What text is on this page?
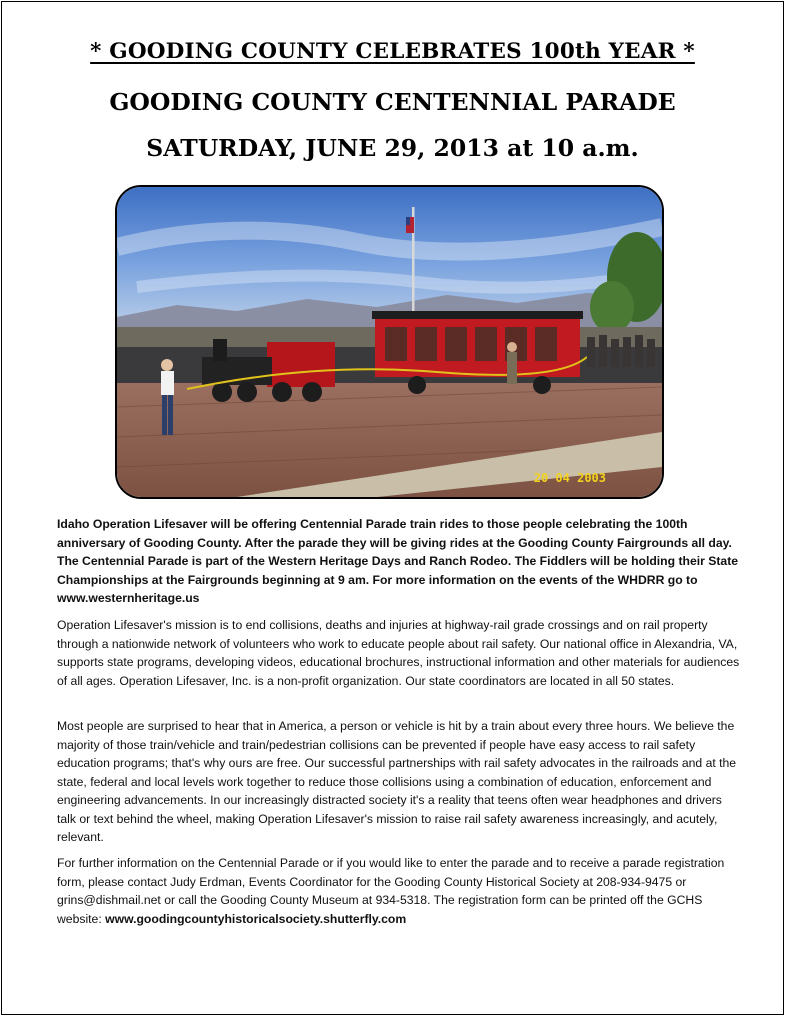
* GOODING COUNTY CELEBRATES 100th YEAR *
GOODING COUNTY CENTENNIAL PARADE
SATURDAY, JUNE 29, 2013 at 10 a.m.
20 04 2003

Idaho Operation Lifesaver will be offering Centennial Parade train rides to those people celebrating the 100th anniversary of Gooding County. After the parade they will be giving rides at the Gooding County Fairgrounds all day. The Centennial Parade is part of the Western Heritage Days and Ranch Rodeo. The Fiddlers will be holding their State Championships at the Fairgrounds beginning at 9 am. For more information on the events of the WHDRR go to www.westernheritage.us

Operation Lifesaver's mission is to end collisions, deaths and injuries at highway-rail grade crossings and on rail property through a nationwide network of volunteers who work to educate people about rail safety. Our national office in Alexandria, VA, supports state programs, developing videos, educational brochures, instructional information and other materials for audiences of all ages. Operation Lifesaver, Inc. is a non-profit organization. Our state coordinators are located in all 50 states.

Most people are surprised to hear that in America, a person or vehicle is hit by a train about every three hours. We believe the majority of those train/vehicle and train/pedestrian collisions can be prevented if people have easy access to rail safety education programs; that's why ours are free. Our successful partnerships with rail safety advocates in the railroads and at the state, federal and local levels work together to reduce those collisions using a combination of education, enforcement and engineering advancements. In our increasingly distracted society it's a reality that teens often wear headphones and drivers talk or text behind the wheel, making Operation Lifesaver's mission to raise rail safety awareness increasingly, and acutely, relevant.

For further information on the Centennial Parade or if you would like to enter the parade and to receive a parade registration form, please contact Judy Erdman, Events Coordinator for the Gooding County Historical Society at 208-934-9475 or grins@dishmail.net or call the Gooding County Museum at 934-5318. The registration form can be printed off the GCHS website: www.goodingcountyhistoricalsociety.shutterfly.com
